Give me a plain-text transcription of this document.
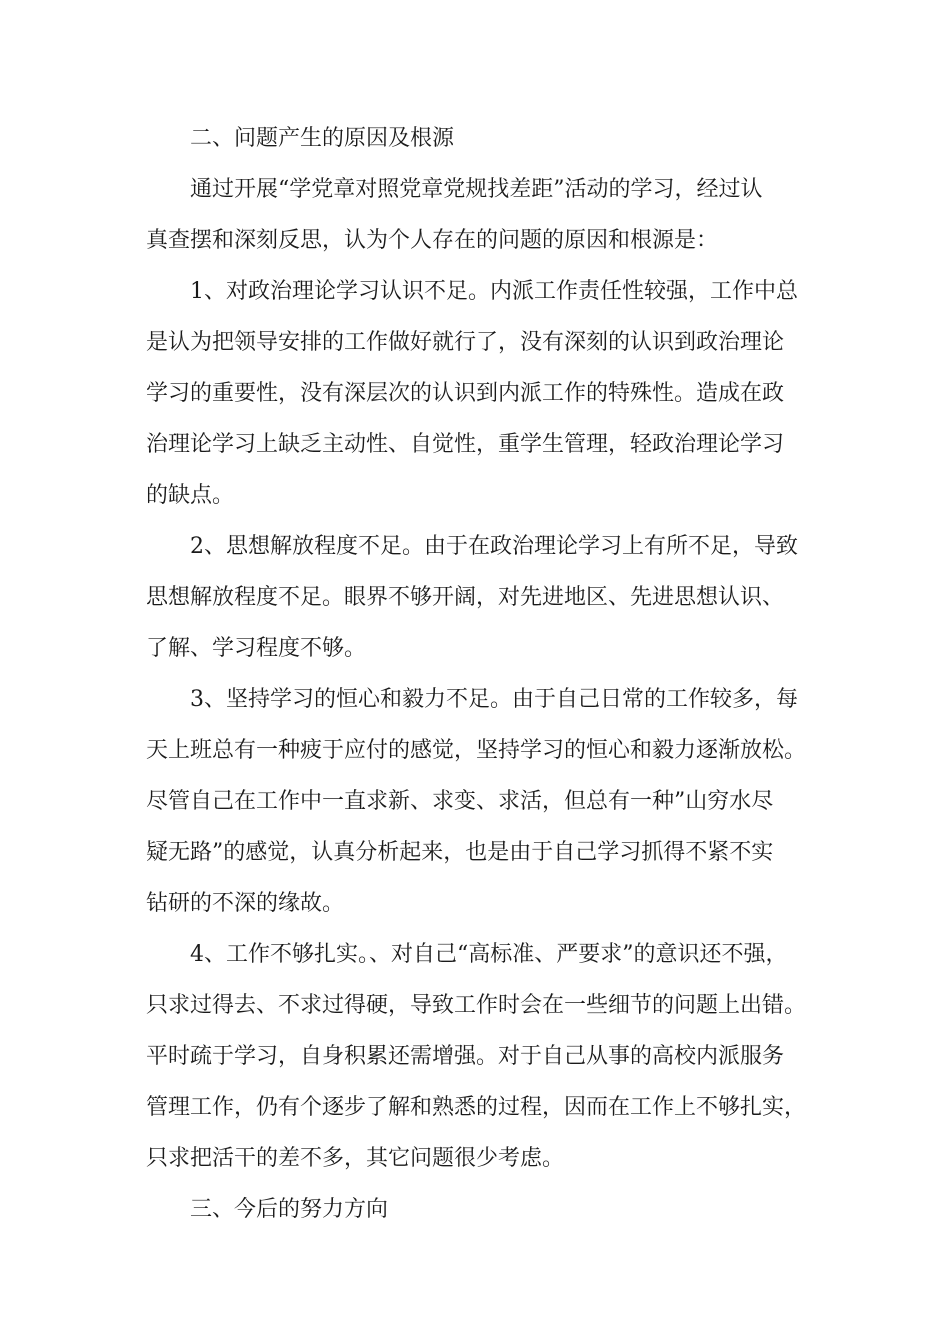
二、问题产生的原因及根源
通过开展“学党章对照党章党规找差距”活动的学习，经过认
真查摆和深刻反思，认为个人存在的问题的原因和根源是：
1、对政治理论学习认识不足。内派工作责任性较强，工作中总
是认为把领导安排的工作做好就行了，没有深刻的认识到政治理论
学习的重要性，没有深层次的认识到内派工作的特殊性。造成在政
治理论学习上缺乏主动性、自觉性，重学生管理，轻政治理论学习
的缺点。
2、思想解放程度不足。由于在政治理论学习上有所不足，导致
思想解放程度不足。眼界不够开阔，对先进地区、先进思想认识、
了解、学习程度不够。
3、坚持学习的恒心和毅力不足。由于自己日常的工作较多，每
天上班总有一种疲于应付的感觉，坚持学习的恒心和毅力逐渐放松。
尽管自己在工作中一直求新、求变、求活，但总有一种”山穷水尽
疑无路”的感觉，认真分析起来，也是由于自己学习抓得不紧不实
钻研的不深的缘故。
4、工作不够扎实。、对自己“高标准、严要求”的意识还不强，
只求过得去、不求过得硬，导致工作时会在一些细节的问题上出错。
平时疏于学习，自身积累还需增强。对于自己从事的高校内派服务
管理工作，仍有个逐步了解和熟悉的过程，因而在工作上不够扎实，
只求把活干的差不多，其它问题很少考虑。
三、今后的努力方向
